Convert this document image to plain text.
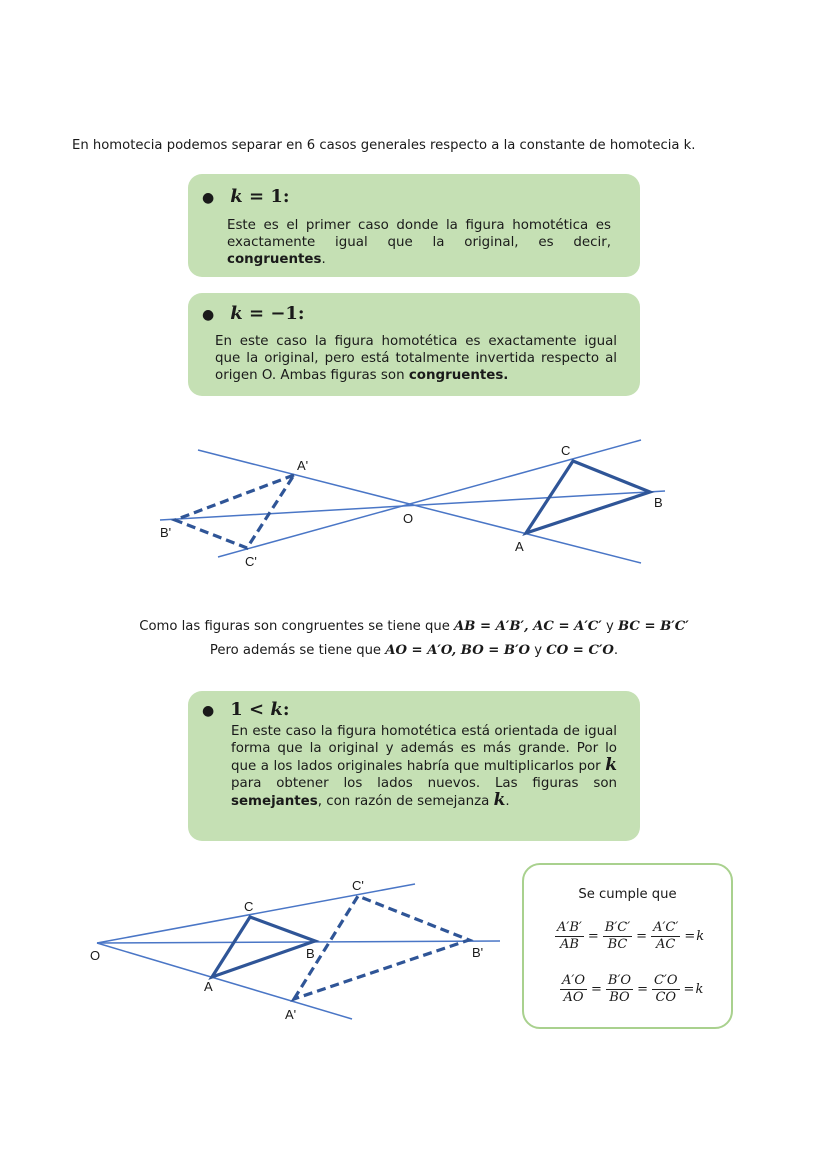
En homotecia podemos separar en 6 casos generales respecto a la constante de homotecia k.
● k = 1:
Este es el primer caso donde la figura homotética es exactamente igual que la original, es decir, congruentes.
● k = −1:
En este caso la figura homotética es exactamente igual que la original, pero está totalmente invertida respecto al origen O. Ambas figuras son congruentes.
A'
B'
C'
O
A
B
C
O
A
B
C
A'
B'
C'
Como las figuras son congruentes se tiene que AB = A′B′, AC = A′C′ y BC = B′C′
Pero además se tiene que AO = A′O, BO = B′O y CO = C′O.
● 1 < k:
En este caso la figura homotética está orientada de igual forma que la original y además es más grande. Por lo que a los lados originales habría que multiplicarlos por k para obtener los lados nuevos. Las figuras son semejantes, con razón de semejanza k.
Se cumple que
$\frac{A'B'}{AB} = \frac{B'C'}{BC} = \frac{A'C'}{AC} = k$
$\frac{A'O}{AO} = \frac{B'O}{BO} = \frac{C'O}{CO} = k$
